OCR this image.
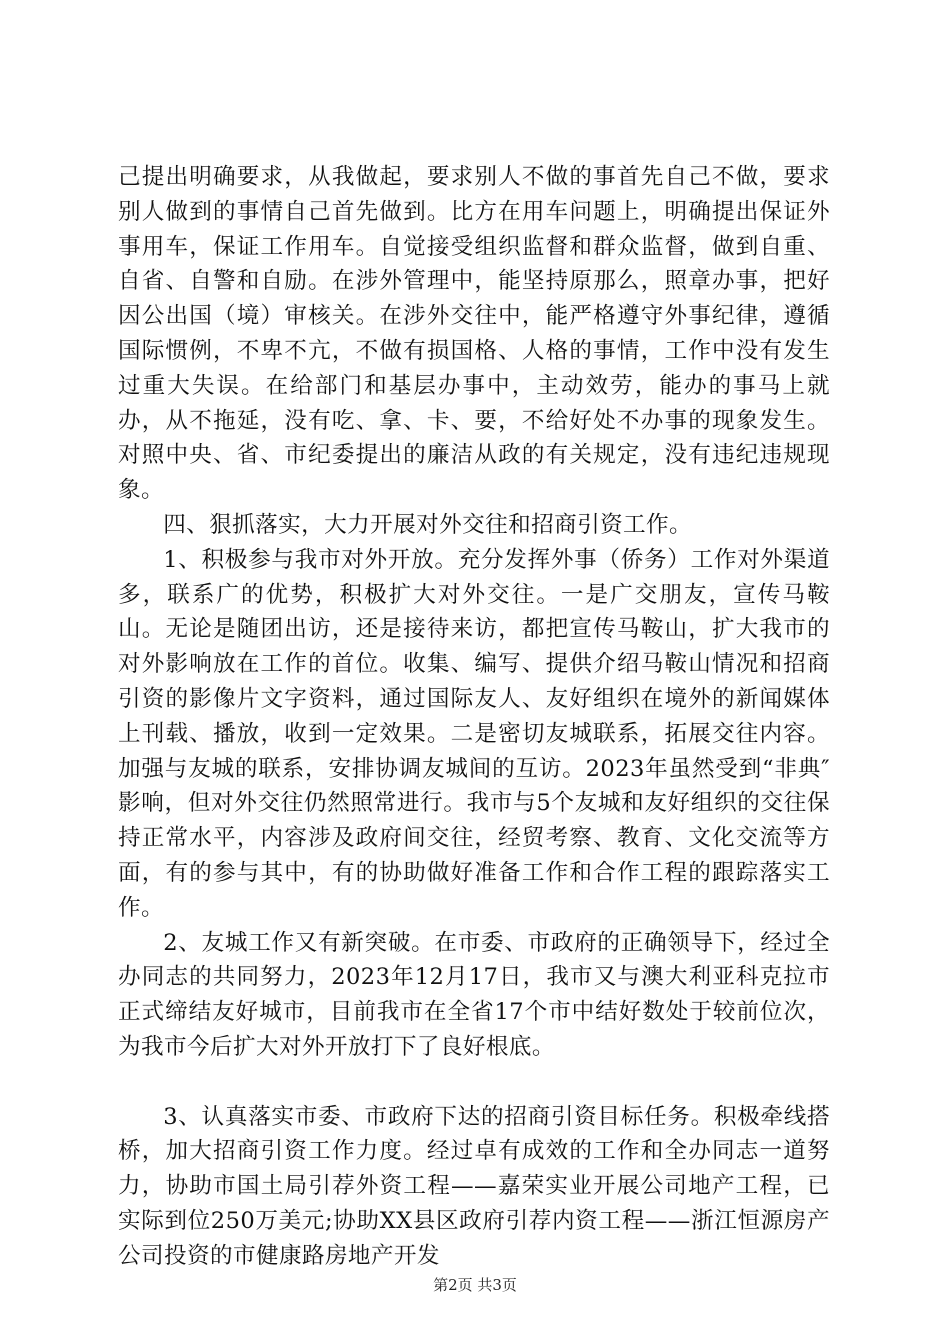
己提出明确要求，从我做起，要求别人不做的事首先自己不做，要求别人做到的事情自己首先做到。比方在用车问题上，明确提出保证外事用车，保证工作用车。自觉接受组织监督和群众监督，做到自重、自省、自警和自励。在涉外管理中，能坚持原那么，照章办事，把好因公出国（境）审核关。在涉外交往中，能严格遵守外事纪律，遵循国际惯例，不卑不亢，不做有损国格、人格的事情，工作中没有发生过重大失误。在给部门和基层办事中，主动效劳，能办的事马上就办，从不拖延，没有吃、拿、卡、要，不给好处不办事的现象发生。对照中央、省、市纪委提出的廉洁从政的有关规定，没有违纪违规现象。

四、狠抓落实，大力开展对外交往和招商引资工作。

1、积极参与我市对外开放。充分发挥外事（侨务）工作对外渠道多，联系广的优势，积极扩大对外交往。一是广交朋友，宣传马鞍山。无论是随团出访，还是接待来访，都把宣传马鞍山，扩大我市的对外影响放在工作的首位。收集、编写、提供介绍马鞍山情况和招商引资的影像片文字资料，通过国际友人、友好组织在境外的新闻媒体上刊载、播放，收到一定效果。二是密切友城联系，拓展交往内容。加强与友城的联系，安排协调友城间的互访。2023年虽然受到“非典″影响，但对外交往仍然照常进行。我市与5个友城和友好组织的交往保持正常水平，内容涉及政府间交往，经贸考察、教育、文化交流等方面，有的参与其中，有的协助做好准备工作和合作工程的跟踪落实工作。

2、友城工作又有新突破。在市委、市政府的正确领导下，经过全办同志的共同努力，2023年12月17日，我市又与澳大利亚科克拉市正式缔结友好城市，目前我市在全省17个市中结好数处于较前位次，为我市今后扩大对外开放打下了良好根底。

3、认真落实市委、市政府下达的招商引资目标任务。积极牵线搭桥，加大招商引资工作力度。经过卓有成效的工作和全办同志一道努力，协助市国土局引荐外资工程——嘉荣实业开展公司地产工程，已实际到位250万美元;协助XX县区政府引荐内资工程——浙江恒源房产公司投资的市健康路房地产开发

第2页 共3页
